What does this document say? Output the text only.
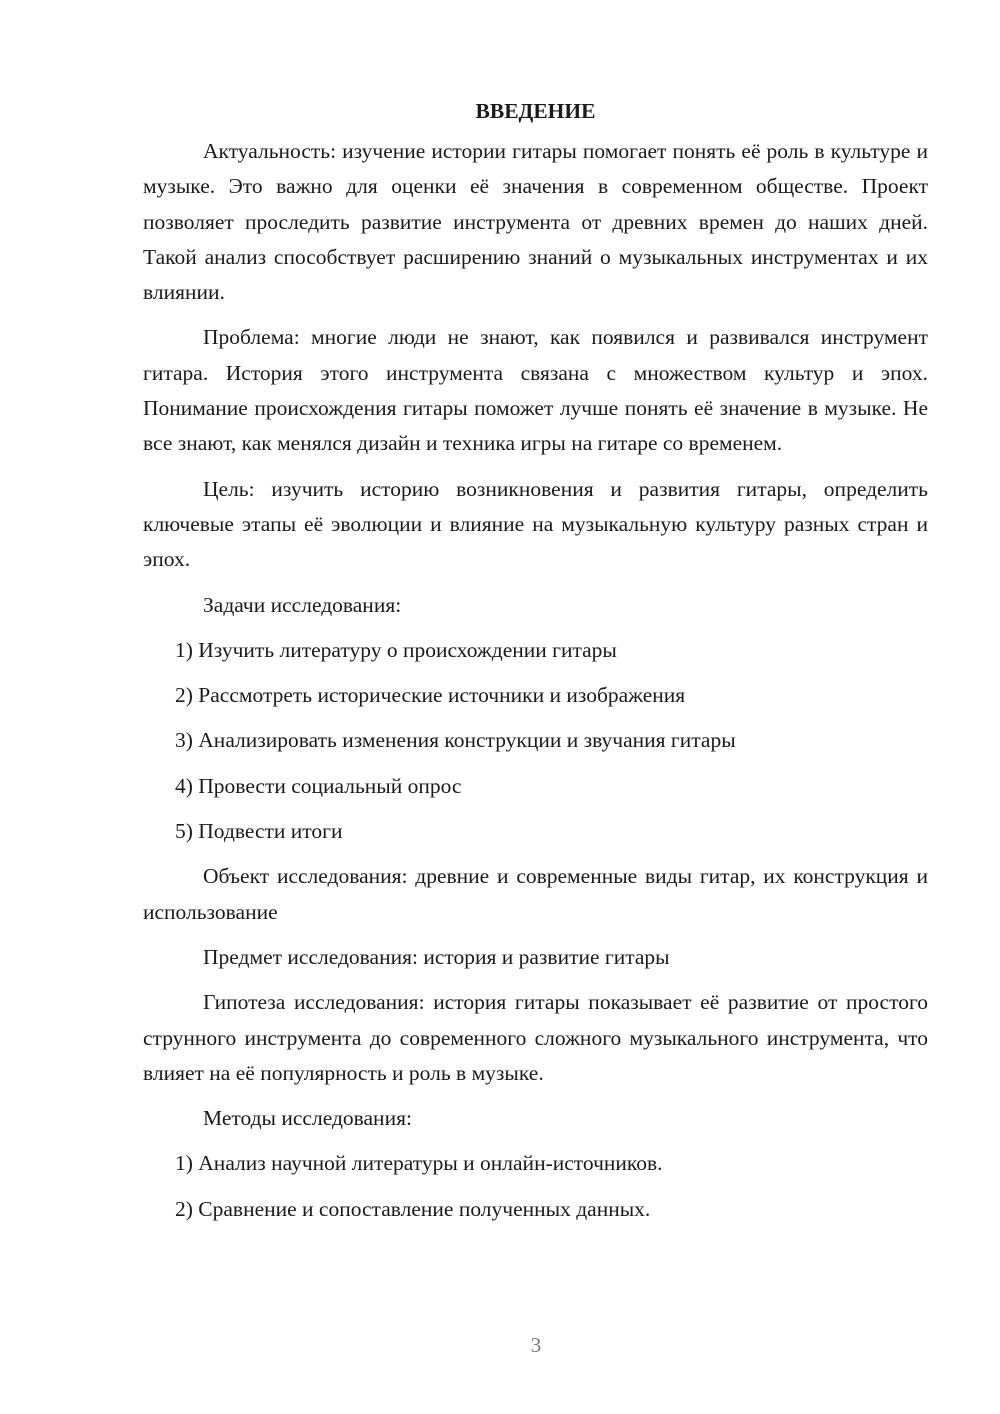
ВВЕДЕНИЕ

Актуальность: изучение истории гитары помогает понять её роль в культуре и музыке. Это важно для оценки её значения в современном обществе. Проект позволяет проследить развитие инструмента от древних времен до наших дней. Такой анализ способствует расширению знаний о музыкальных инструментах и их влиянии.

Проблема: многие люди не знают, как появился и развивался инструмент гитара. История этого инструмента связана с множеством культур и эпох. Понимание происхождения гитары поможет лучше понять её значение в музыке. Не все знают, как менялся дизайн и техника игры на гитаре со временем.

Цель: изучить историю возникновения и развития гитары, определить ключевые этапы её эволюции и влияние на музыкальную культуру разных стран и эпох.

Задачи исследования:

1) Изучить литературу о происхождении гитары
2) Рассмотреть исторические источники и изображения
3) Анализировать изменения конструкции и звучания гитары
4) Провести социальный опрос
5) Подвести итоги

Объект исследования: древние и современные виды гитар, их конструкция и использование

Предмет исследования: история и развитие гитары

Гипотеза исследования: история гитары показывает её развитие от простого струнного инструмента до современного сложного музыкального инструмента, что влияет на её популярность и роль в музыке.

Методы исследования:

1) Анализ научной литературы и онлайн-источников.
2) Сравнение и сопоставление полученных данных.
3
